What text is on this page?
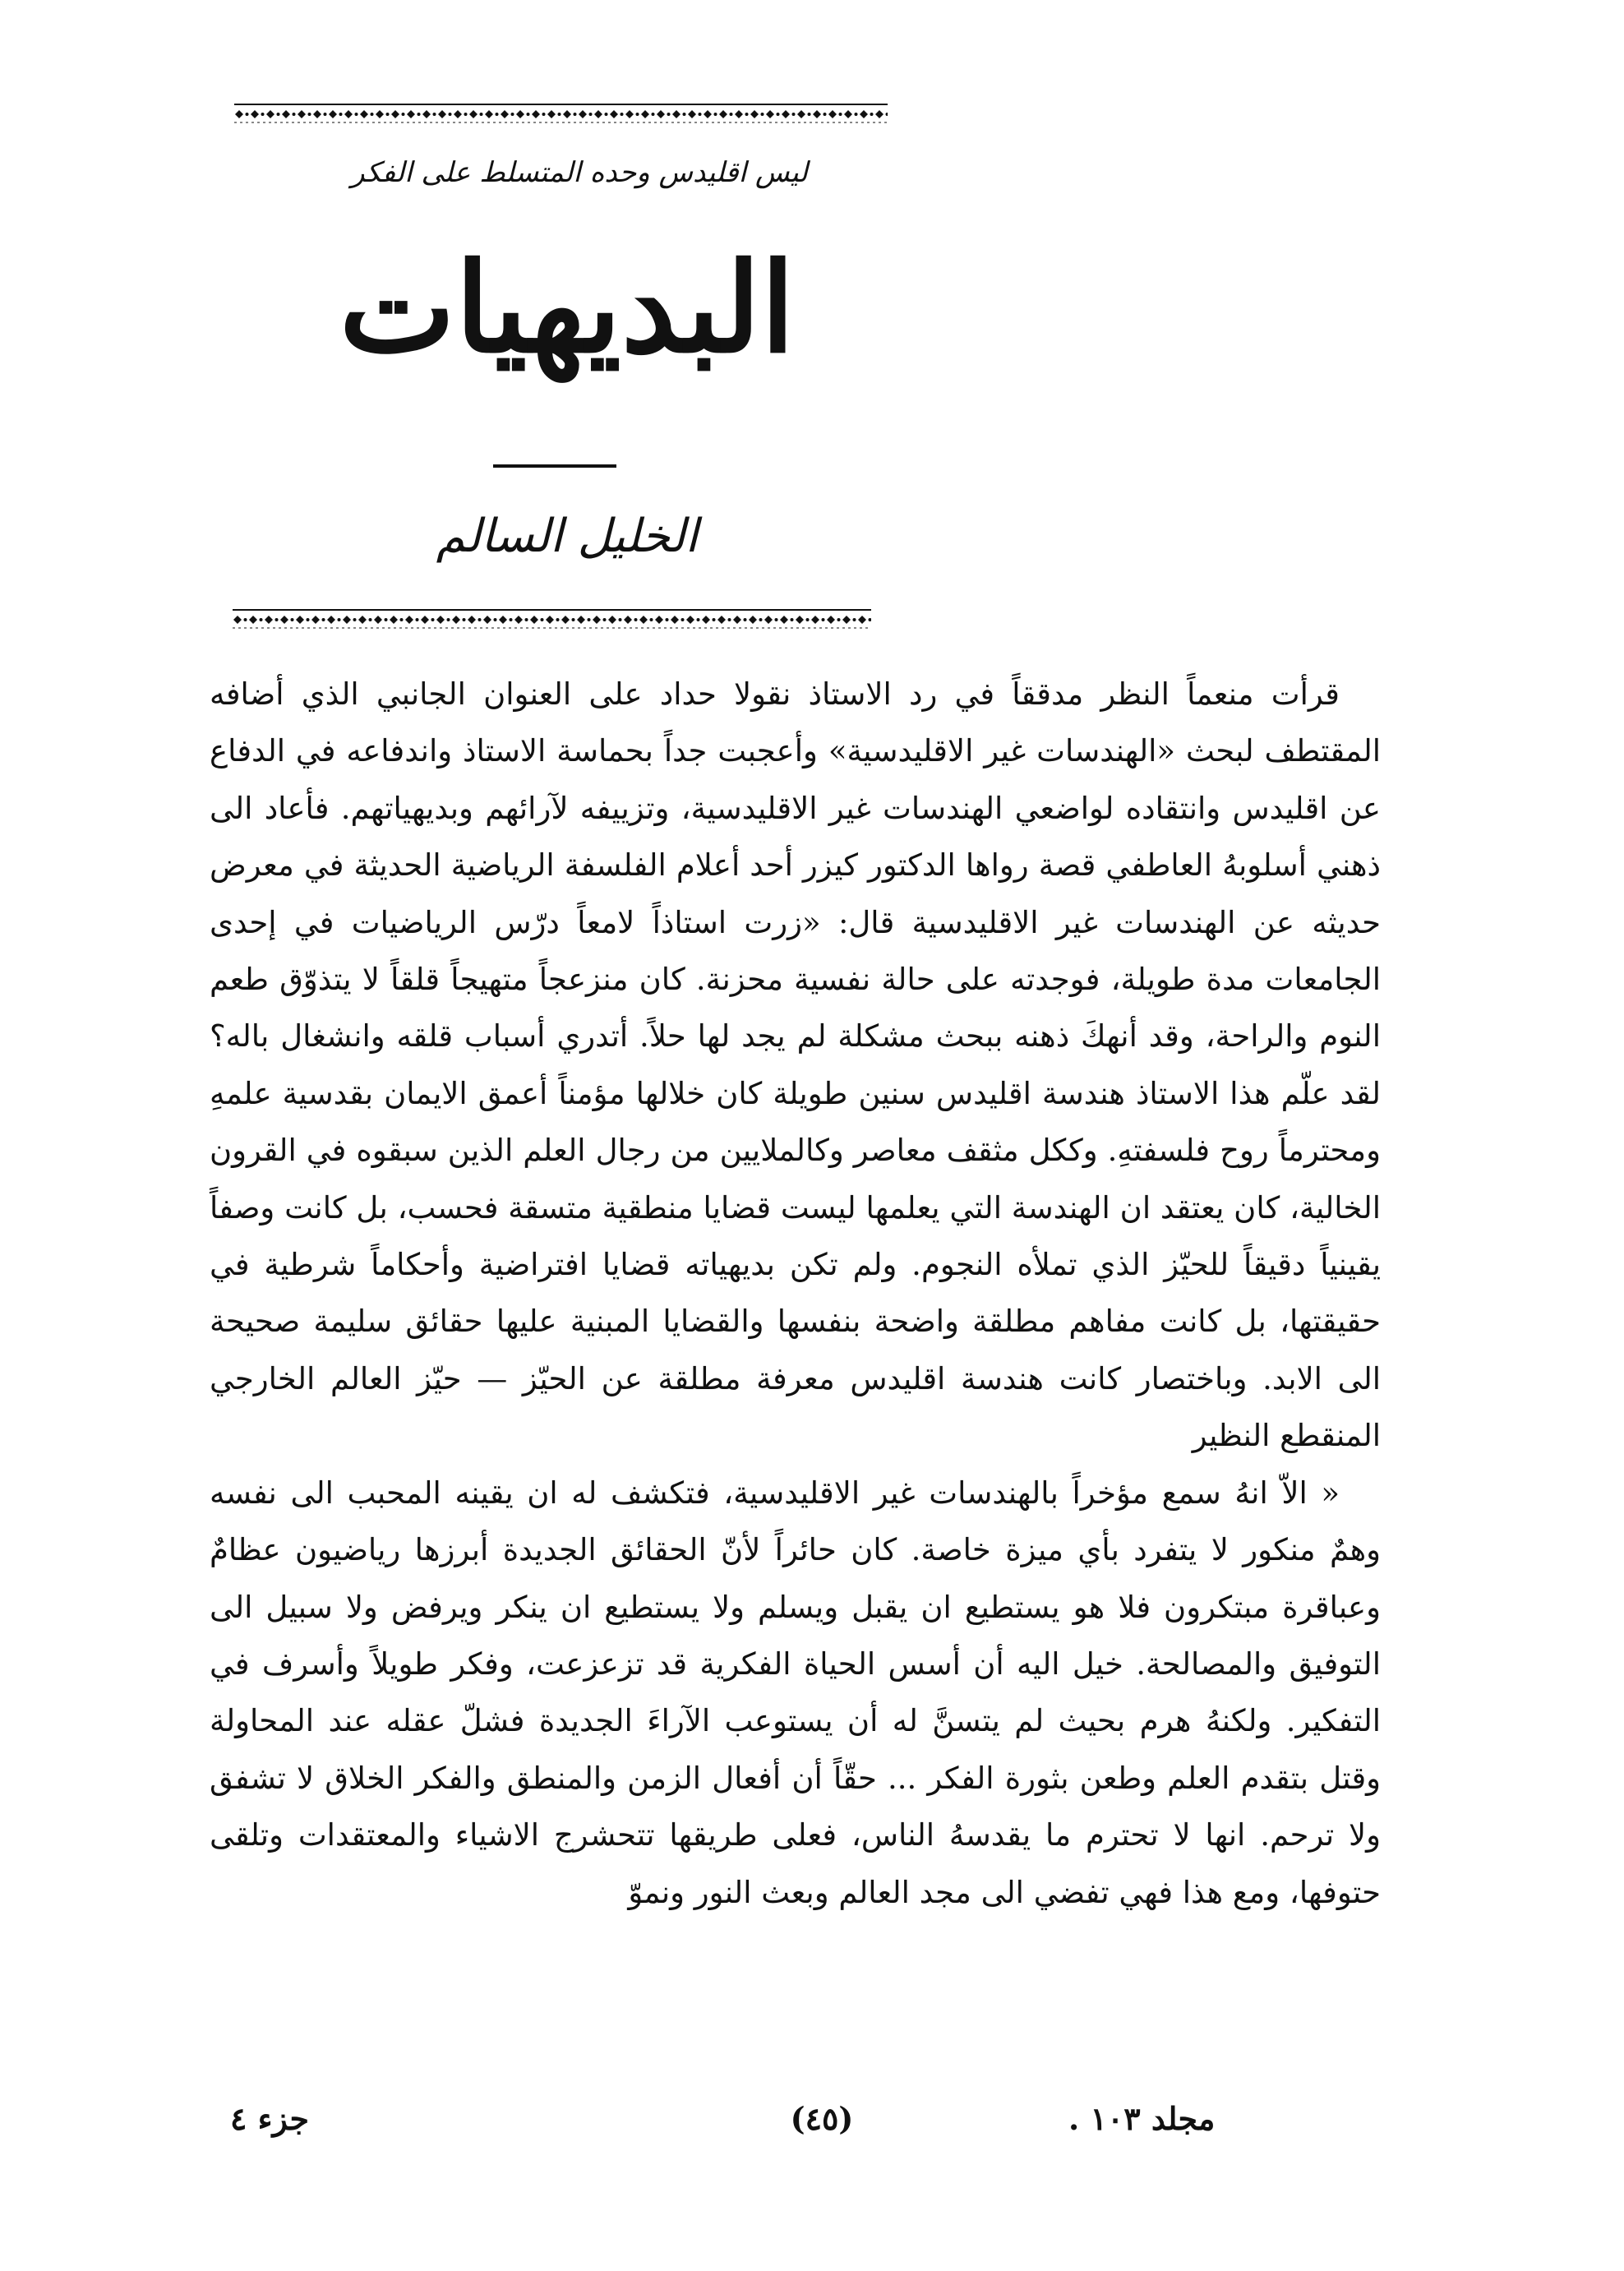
ليس اقليدس وحده المتسلط على الفكر
البديهيات
الخليل السالم

قرأت منعماً النظر مدققاً في رد الاستاذ نقولا حداد على العنوان الجانبي الذي أضافه المقتطف لبحث «الهندسات غير الاقليدسية» وأعجبت جداً بحماسة الاستاذ واندفاعه في الدفاع عن اقليدس وانتقاده لواضعي الهندسات غير الاقليدسية، وتزييفه لآرائهم وبديهياتهم. فأعاد الى ذهني أسلوبهُ العاطفي قصة رواها الدكتور كيزر أحد أعلام الفلسفة الرياضية الحديثة في معرض حديثه عن الهندسات غير الاقليدسية قال: «زرت استاذاً لامعاً درّس الرياضيات في إحدى الجامعات مدة طويلة، فوجدته على حالة نفسية محزنة. كان منزعجاً متهيجاً قلقاً لا يتذوّق طعم النوم والراحة، وقد أنهكَ ذهنه ببحث مشكلة لم يجد لها حلاً. أتدري أسباب قلقه وانشغال باله؟ لقد علّم هذا الاستاذ هندسة اقليدس سنين طويلة كان خلالها مؤمناً أعمق الايمان بقدسية علمهِ ومحترماً روح فلسفتهِ. وككل مثقف معاصر وكالملايين من رجال العلم الذين سبقوه في القرون الخالية، كان يعتقد ان الهندسة التي يعلمها ليست قضايا منطقية متسقة فحسب، بل كانت وصفاً يقينياً دقيقاً للحيّز الذي تملأه النجوم. ولم تكن بديهياته قضايا افتراضية وأحكاماً شرطية في حقيقتها، بل كانت مفاهم مطلقة واضحة بنفسها والقضايا المبنية عليها حقائق سليمة صحيحة الى الابد. وباختصار كانت هندسة اقليدس معرفة مطلقة عن الحيّز — حيّز العالم الخارجي المنقطع النظير

« الاّ انهُ سمع مؤخراً بالهندسات غير الاقليدسية، فتكشف له ان يقينه المحبب الى نفسه وهمٌ منكور لا يتفرد بأي ميزة خاصة. كان حائراً لأنّ الحقائق الجديدة أبرزها رياضيون عظامٌ وعباقرة مبتكرون فلا هو يستطيع ان يقبل ويسلم ولا يستطيع ان ينكر ويرفض ولا سبيل الى التوفيق والمصالحة. خيل اليه أن أسس الحياة الفكرية قد تزعزعت، وفكر طويلاً وأسرف في التفكير. ولكنهُ هرم بحيث لم يتسنَّ له أن يستوعب الآراءَ الجديدة فشلّ عقله عند المحاولة وقتل بتقدم العلم وطعن بثورة الفكر ... حقّاً أن أفعال الزمن والمنطق والفكر الخلاق لا تشفق ولا ترحم. انها لا تحترم ما يقدسهُ الناس، فعلى طريقها تتحشرج الاشياء والمعتقدات وتلقى حتوفها، ومع هذا فهي تفضي الى مجد العالم وبعث النور ونموّ

جزء ٤	(٤٥)	مجلد ١٠٣ .
